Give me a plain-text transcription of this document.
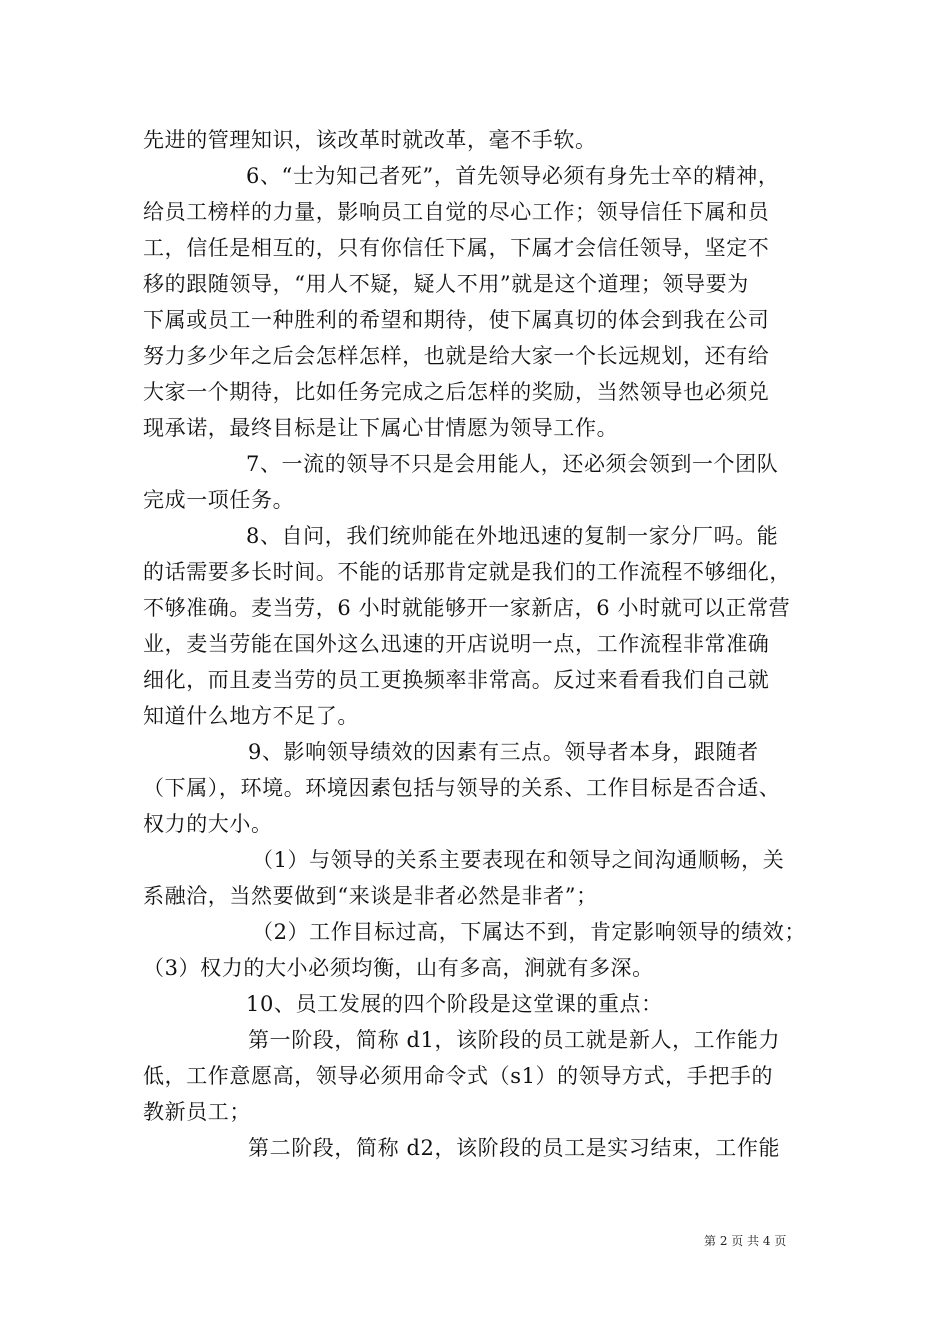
先进的管理知识，该改革时就改革，毫不手软。
6、“士为知己者死”，首先领导必须有身先士卒的精神，
给员工榜样的力量，影响员工自觉的尽心工作；领导信任下属和员
工，信任是相互的，只有你信任下属，下属才会信任领导，坚定不
移的跟随领导，“用人不疑，疑人不用”就是这个道理；领导要为
下属或员工一种胜利的希望和期待，使下属真切的体会到我在公司
努力多少年之后会怎样怎样，也就是给大家一个长远规划，还有给
大家一个期待，比如任务完成之后怎样的奖励，当然领导也必须兑
现承诺，最终目标是让下属心甘情愿为领导工作。
7、一流的领导不只是会用能人，还必须会领到一个团队
完成一项任务。
8、自问，我们统帅能在外地迅速的复制一家分厂吗。能
的话需要多长时间。不能的话那肯定就是我们的工作流程不够细化，
不够准确。麦当劳，6 小时就能够开一家新店，6 小时就可以正常营
业，麦当劳能在国外这么迅速的开店说明一点，工作流程非常准确
细化，而且麦当劳的员工更换频率非常高。反过来看看我们自己就
知道什么地方不足了。
9、影响领导绩效的因素有三点。领导者本身，跟随者
（下属），环境。环境因素包括与领导的关系、工作目标是否合适、
权力的大小。
（1）与领导的关系主要表现在和领导之间沟通顺畅，关
系融洽，当然要做到“来谈是非者必然是非者”；
（2）工作目标过高，下属达不到，肯定影响领导的绩效；
（3）权力的大小必须均衡，山有多高，涧就有多深。
10、员工发展的四个阶段是这堂课的重点：
第一阶段，简称 d1，该阶段的员工就是新人，工作能力
低，工作意愿高，领导必须用命令式（s1）的领导方式，手把手的
教新员工；
第二阶段，简称 d2，该阶段的员工是实习结束，工作能
第 2 页 共 4 页
